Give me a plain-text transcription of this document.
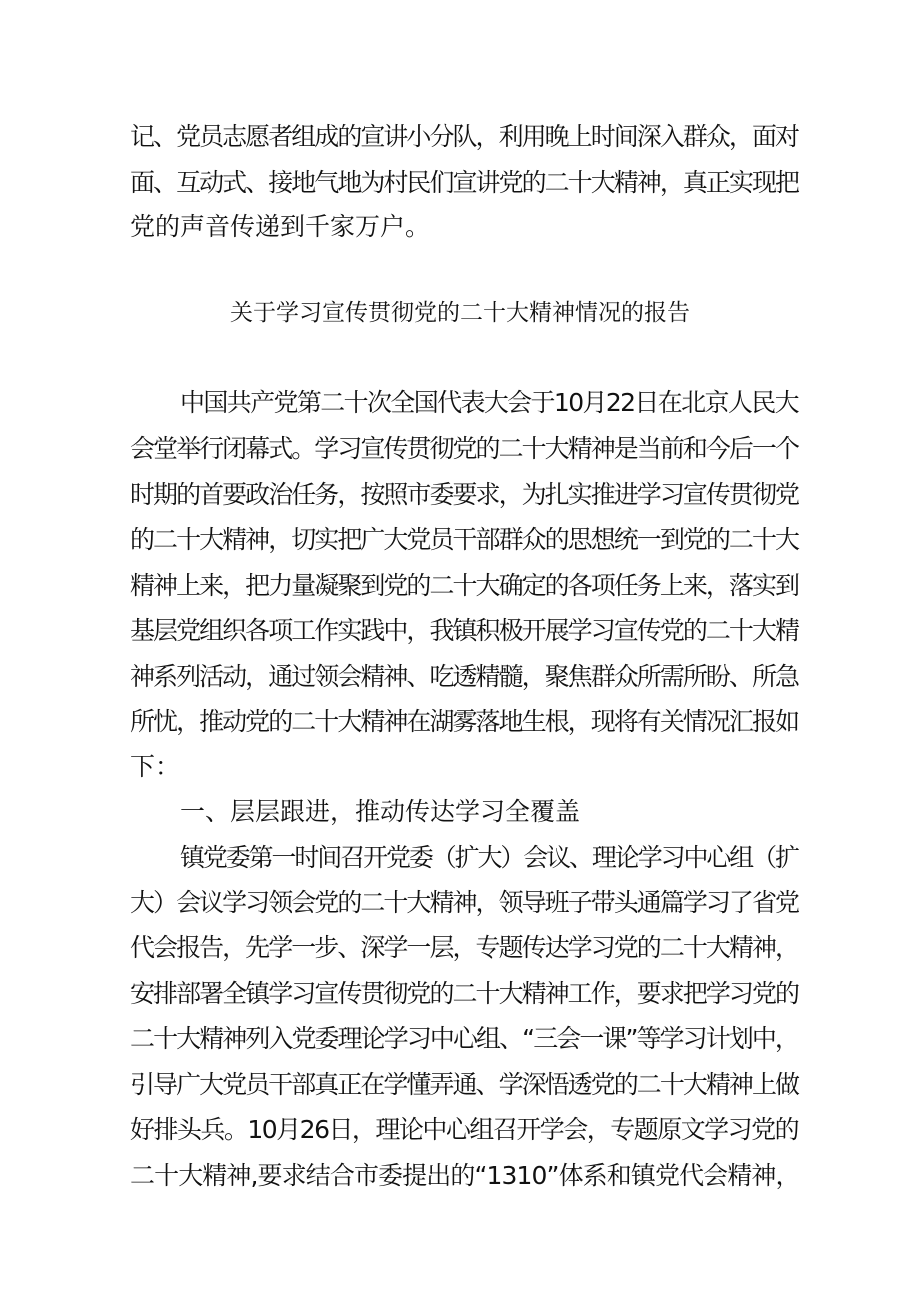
记、党员志愿者组成的宣讲小分队，利用晚上时间深入群众，面对
面、互动式、接地气地为村民们宣讲党的二十大精神，真正实现把
党的声音传递到千家万户。
关于学习宣传贯彻党的二十大精神情况的报告
中国共产党第二十次全国代表大会于10月22日在北京人民大
会堂举行闭幕式。学习宣传贯彻党的二十大精神是当前和今后一个
时期的首要政治任务，按照市委要求，为扎实推进学习宣传贯彻党
的二十大精神，切实把广大党员干部群众的思想统一到党的二十大
精神上来，把力量凝聚到党的二十大确定的各项任务上来，落实到
基层党组织各项工作实践中，我镇积极开展学习宣传党的二十大精
神系列活动，通过领会精神、吃透精髓，聚焦群众所需所盼、所急
所忧，推动党的二十大精神在湖雾落地生根，现将有关情况汇报如
下：
一、层层跟进，推动传达学习全覆盖
镇党委第一时间召开党委（扩大）会议、理论学习中心组（扩
大）会议学习领会党的二十大精神，领导班子带头通篇学习了省党
代会报告，先学一步、深学一层，专题传达学习党的二十大精神，
安排部署全镇学习宣传贯彻党的二十大精神工作，要求把学习党的
二十大精神列入党委理论学习中心组、“三会一课”等学习计划中，
引导广大党员干部真正在学懂弄通、学深悟透党的二十大精神上做
好排头兵。10月26日，理论中心组召开学会，专题原文学习党的
二十大精神,要求结合市委提出的“1310”体系和镇党代会精神，
